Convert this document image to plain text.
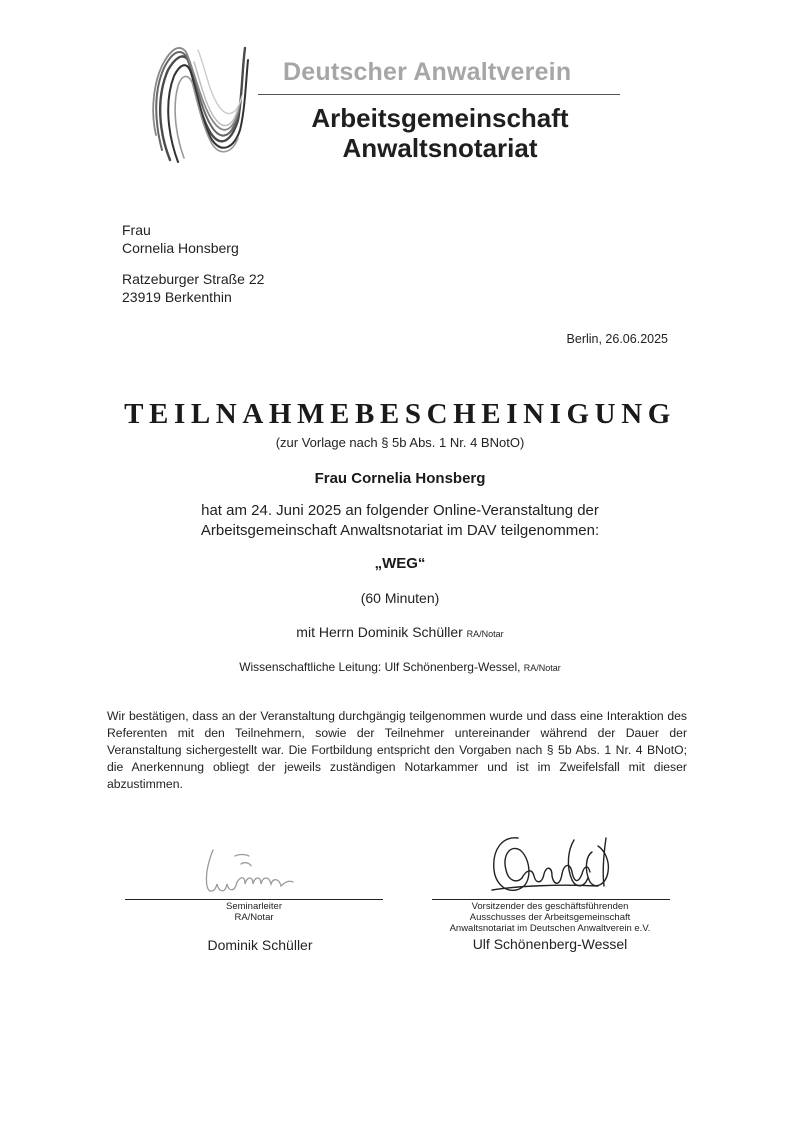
Deutscher Anwaltverein
Arbeitsgemeinschaft
Anwaltsnotariat
Frau
Cornelia Honsberg
Ratzeburger Straße 22
23919 Berkenthin
Berlin, 26.06.2025
TEILNAHMEBESCHEINIGUNG
(zur Vorlage nach § 5b Abs. 1 Nr. 4 BNotO)
Frau Cornelia Honsberg
hat am 24. Juni 2025 an folgender Online-Veranstaltung der
Arbeitsgemeinschaft Anwaltsnotariat im DAV teilgenommen:
„WEG“
(60 Minuten)
mit Herrn Dominik Schüller RA/Notar
Wissenschaftliche Leitung: Ulf Schönenberg-Wessel, RA/Notar
Wir bestätigen, dass an der Veranstaltung durchgängig teilgenommen wurde und dass eine Interaktion des Referenten mit den Teilnehmern, sowie der Teilnehmer untereinander während der Dauer der Veranstaltung sichergestellt war. Die Fortbildung entspricht den Vorgaben nach § 5b Abs. 1 Nr. 4 BNotO; die Anerkennung obliegt der jeweils zuständigen Notarkammer und ist im Zweifelsfall mit dieser abzustimmen.
Seminarleiter
RA/Notar
Dominik Schüller
Vorsitzender des geschäftsführenden
Ausschusses der Arbeitsgemeinschaft
Anwaltsnotariat im Deutschen Anwaltverein e.V.
Ulf Schönenberg-Wessel
